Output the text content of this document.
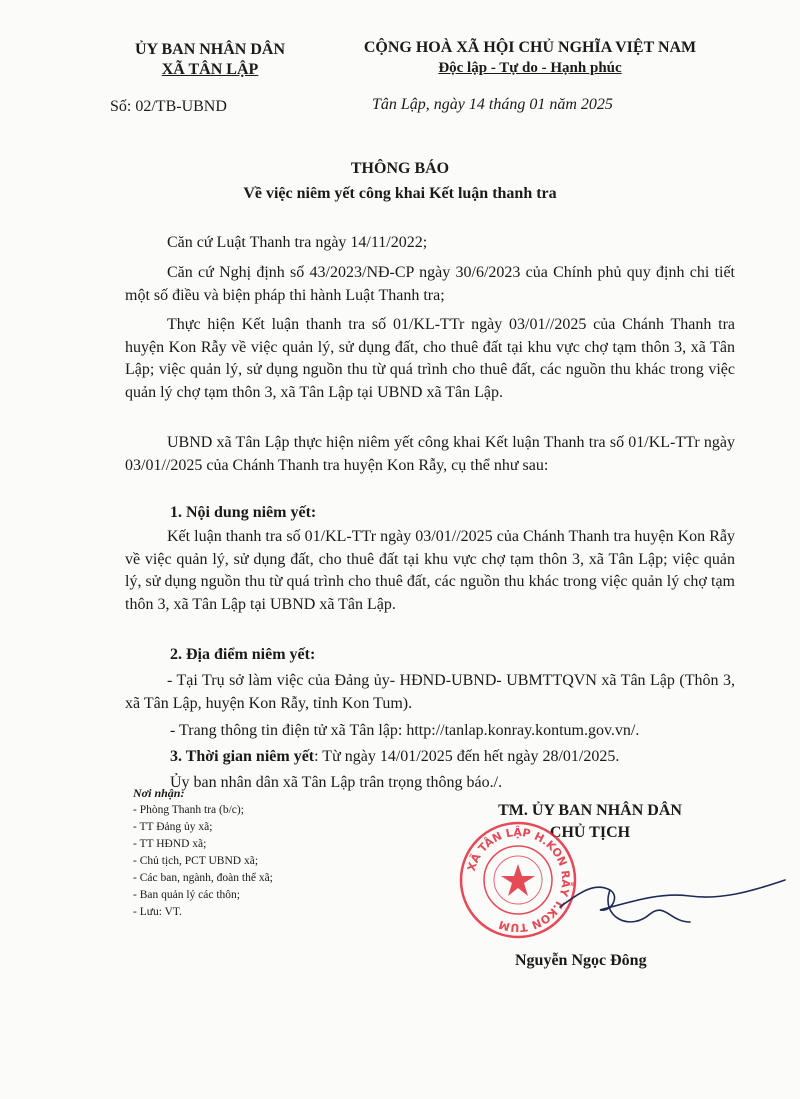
ỦY BAN NHÂN DÂN
XÃ TÂN LẬP
CỘNG HOÀ XÃ HỘI CHỦ NGHĨA VIỆT NAM
Độc lập - Tự do - Hạnh phúc
Số: 02/TB-UBND	Tân Lập, ngày 14 tháng 01 năm 2025
THÔNG BÁO
Về việc niêm yết công khai Kết luận thanh tra
Căn cứ Luật Thanh tra ngày 14/11/2022;
Căn cứ Nghị định số 43/2023/NĐ-CP ngày 30/6/2023 của Chính phủ quy định chi tiết một số điều và biện pháp thi hành Luật Thanh tra;
Thực hiện Kết luận thanh tra số 01/KL-TTr ngày 03/01//2025 của Chánh Thanh tra huyện Kon Rẫy về việc quản lý, sử dụng đất, cho thuê đất tại khu vực chợ tạm thôn 3, xã Tân Lập; việc quản lý, sử dụng nguồn thu từ quá trình cho thuê đất, các nguồn thu khác trong việc quản lý chợ tạm thôn 3, xã Tân Lập tại UBND xã Tân Lập.
UBND xã Tân Lập thực hiện niêm yết công khai Kết luận Thanh tra số 01/KL-TTr ngày 03/01//2025 của Chánh Thanh tra huyện Kon Rẫy, cụ thể như sau:
1. Nội dung niêm yết:
Kết luận thanh tra số 01/KL-TTr ngày 03/01//2025 của Chánh Thanh tra huyện Kon Rẫy về việc quản lý, sử dụng đất, cho thuê đất tại khu vực chợ tạm thôn 3, xã Tân Lập; việc quản lý, sử dụng nguồn thu từ quá trình cho thuê đất, các nguồn thu khác trong việc quản lý chợ tạm thôn 3, xã Tân Lập tại UBND xã Tân Lập.
2. Địa điểm niêm yết:
- Tại Trụ sở làm việc của Đảng ủy- HĐND-UBND- UBMTTQVN xã Tân Lập (Thôn 3, xã Tân Lập, huyện Kon Rẫy, tỉnh Kon Tum).
- Trang thông tin điện tử xã Tân lập: http://tanlap.konray.kontum.gov.vn/.
3. Thời gian niêm yết: Từ ngày 14/01/2025 đến hết ngày 28/01/2025.
Ủy ban nhân dân xã Tân Lập trân trọng thông báo./.
Nơi nhận:
- Phòng Thanh tra (b/c);
- TT Đảng ủy xã;
- TT HĐND xã;
- Chủ tịch, PCT UBND xã;
- Các ban, ngành, đoàn thể xã;
- Ban quản lý các thôn;
- Lưu: VT.
TM. ỦY BAN NHÂN DÂN
CHỦ TỊCH
XÃ TÂN LẬP H.KON RẪY T.KON TUM
Nguyễn Ngọc Đông
